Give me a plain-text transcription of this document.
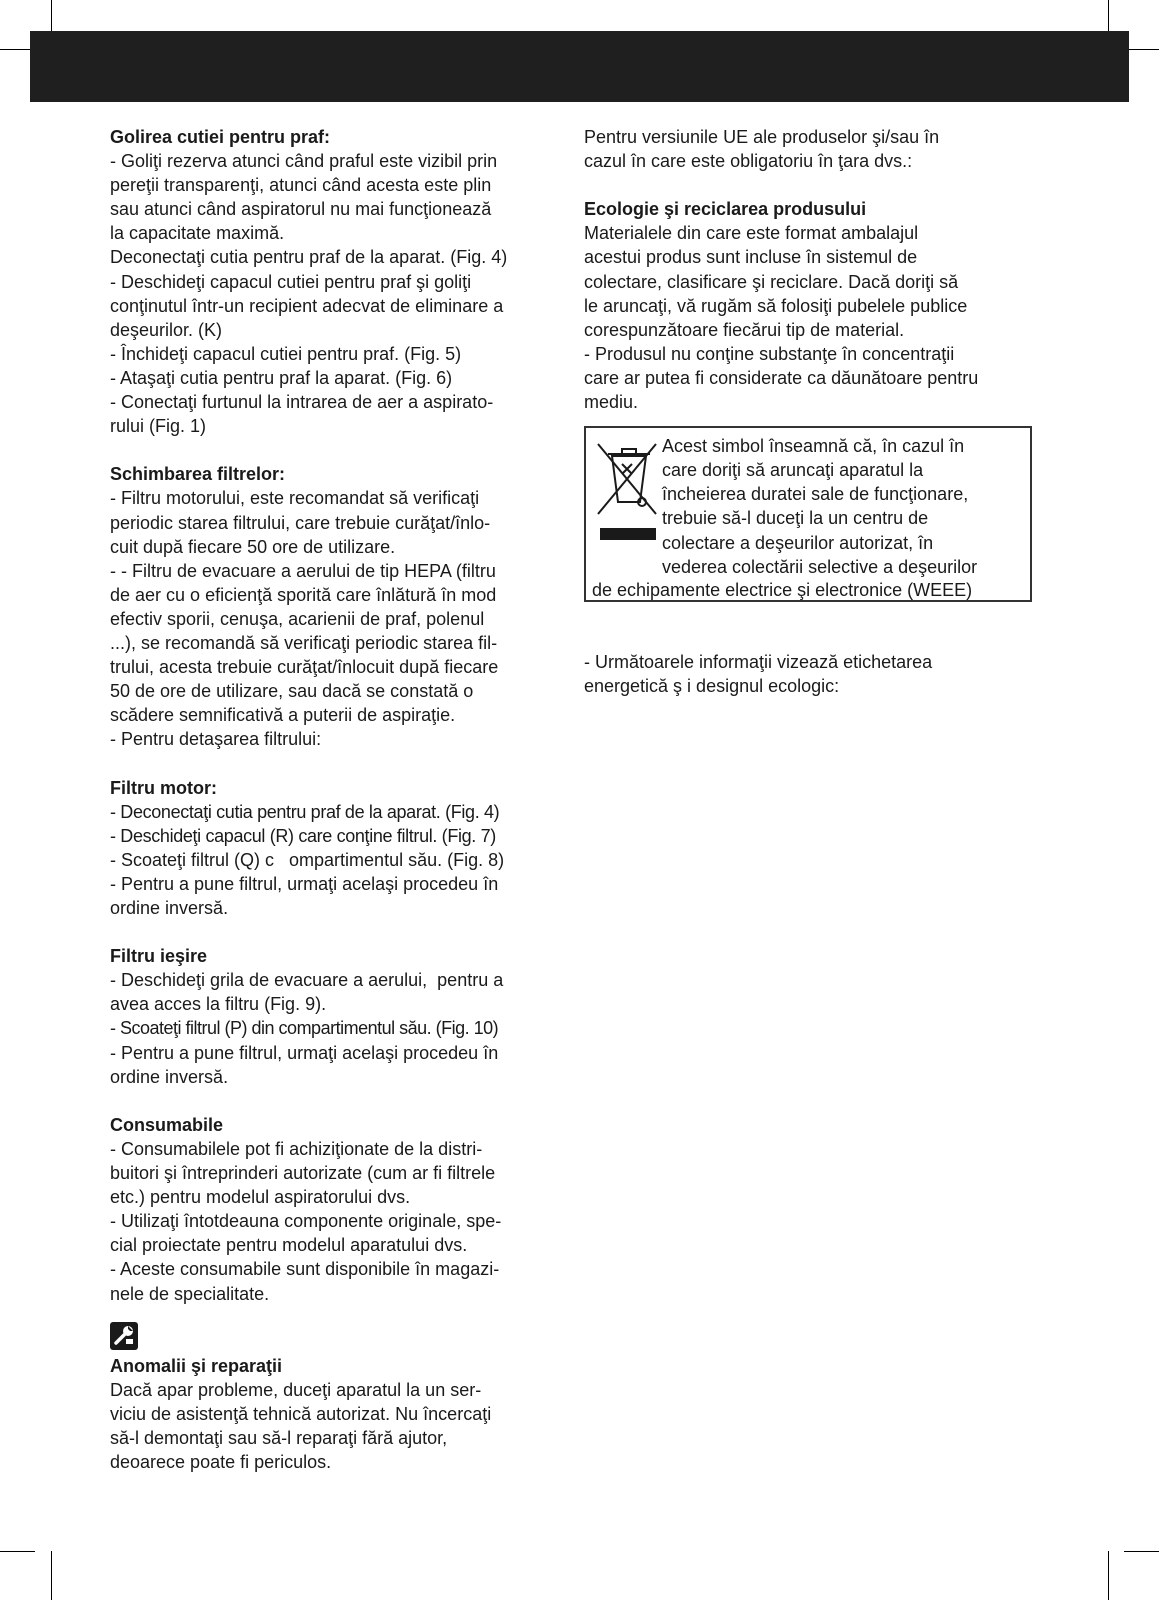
Golirea cutiei pentru praf:

- Goliţi rezerva atunci când praful este vizibil prin

pereţii transparenţi, atunci când acesta este plin

sau atunci când aspiratorul nu mai funcţionează

la capacitate maximă.

Deconectaţi cutia pentru praf de la aparat. (Fig. 4)

- Deschideţi capacul cutiei pentru praf şi goliţi

conţinutul într-un recipient adecvat de eliminare a

deşeurilor. (K)

- Închideţi capacul cutiei pentru praf. (Fig. 5)

- Ataşaţi cutia pentru praf la aparat. (Fig. 6)

- Conectaţi furtunul la intrarea de aer a aspirato-

rului (Fig. 1)

Schimbarea filtrelor:

- Filtru motorului, este recomandat să verificaţi

periodic starea filtrului, care trebuie curăţat/înlo-

cuit după fiecare 50 ore de utilizare.

- - Filtru de evacuare a aerului de tip HEPA (filtru

de aer cu o eficienţă sporită care înlătură în mod

efectiv sporii, cenuşa, acarienii de praf, polenul

...), se recomandă să verificaţi periodic starea fil-

trului, acesta trebuie curăţat/înlocuit după fiecare

50 de ore de utilizare, sau dacă se constată o

scădere semnificativă a puterii de aspiraţie.

- Pentru detaşarea filtrului:

Filtru motor:

- Deconectaţi cutia pentru praf de la aparat. (Fig. 4)

- Deschideţi capacul (R) care conţine filtrul. (Fig. 7)

- Scoateţi filtrul (Q) c   ompartimentul său. (Fig. 8)

- Pentru a pune filtrul, urmaţi acelaşi procedeu în

ordine inversă.

Filtru ieşire

- Deschideţi grila de evacuare a aerului,  pentru a

avea acces la filtru (Fig. 9).

- Scoateţi filtrul (P) din compartimentul său. (Fig. 10)

- Pentru a pune filtrul, urmaţi acelaşi procedeu în

ordine inversă.

Consumabile

- Consumabilele pot fi achiziţionate de la distri-

buitori şi întreprinderi autorizate (cum ar fi filtrele

etc.) pentru modelul aspiratorului dvs.

- Utilizaţi întotdeauna componente originale, spe-

cial proiectate pentru modelul aparatului dvs.

- Aceste consumabile sunt disponibile în magazi-

nele de specialitate.

Anomalii şi reparaţii

Dacă apar probleme, duceţi aparatul la un ser-

viciu de asistenţă tehnică autorizat. Nu încercaţi

să-l demontaţi sau să-l reparaţi fără ajutor,

deoarece poate fi periculos.

Pentru versiunile UE ale produselor şi/sau în

cazul în care este obligatoriu în ţara dvs.:

Ecologie şi reciclarea produsului

Materialele din care este format ambalajul

acestui produs sunt incluse în sistemul de

colectare, clasificare şi reciclare. Dacă doriţi să

le aruncaţi, vă rugăm să folosiţi pubelele publice

corespunzătoare fiecărui tip de material.

- Produsul nu conţine substanţe în concentraţii

care ar putea fi considerate ca dăunătoare pentru

mediu.

Acest simbol înseamnă că, în cazul în

care doriţi să aruncaţi aparatul la

încheierea duratei sale de funcţionare,

trebuie să-l duceţi la un centru de

colectare a deşeurilor autorizat, în

vederea colectării selective a deşeurilor

de echipamente electrice şi electronice (WEEE)

- Următoarele informaţii vizează etichetarea

energetică ş i designul ecologic:
